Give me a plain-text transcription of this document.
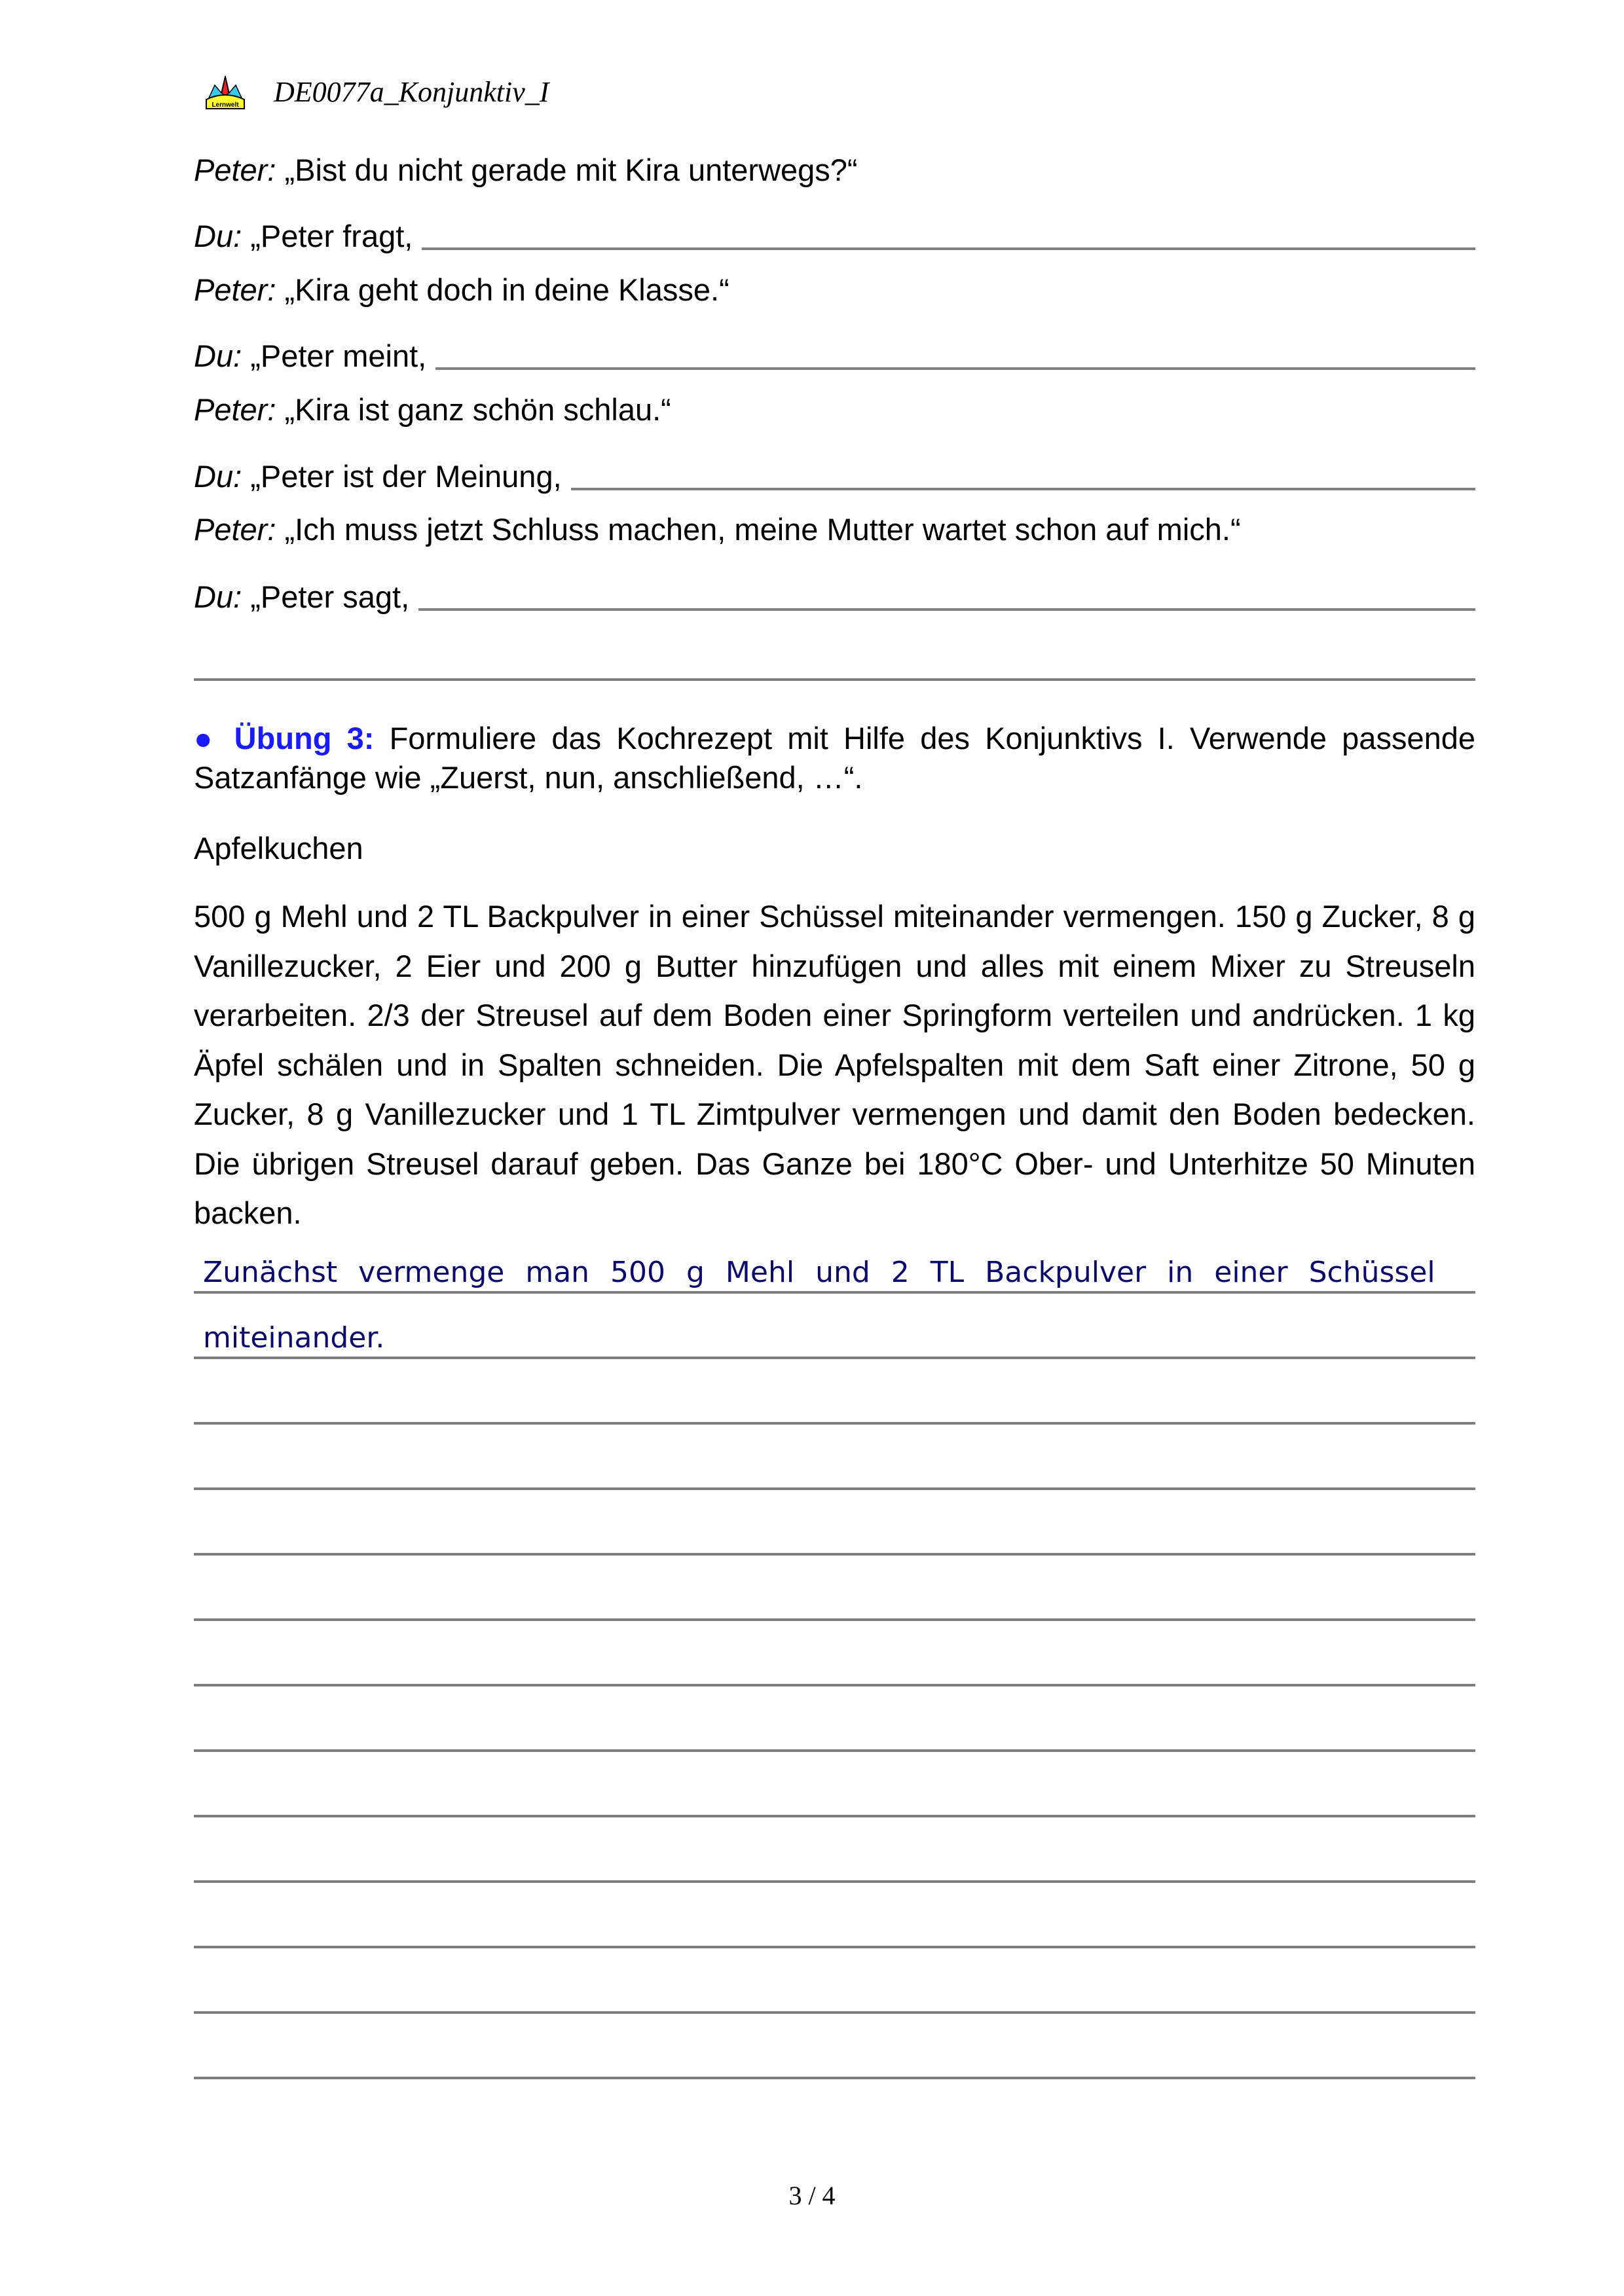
Lernwelt DE0077a_Konjunktiv_I
Peter: „Bist du nicht gerade mit Kira unterwegs?“
Du: „Peter fragt,
Peter: „Kira geht doch in deine Klasse.“
Du: „Peter meint,
Peter: „Kira ist ganz schön schlau.“
Du: „Peter ist der Meinung,
Peter: „Ich muss jetzt Schluss machen, meine Mutter wartet schon auf mich.“
Du: „Peter sagt,
● Übung 3: Formuliere das Kochrezept mit Hilfe des Konjunktivs I. Verwende passende Satzanfänge wie „Zuerst, nun, anschließend, …“.
Apfelkuchen
500 g Mehl und 2 TL Backpulver in einer Schüssel miteinander vermengen. 150 g Zucker, 8 g Vanillezucker, 2 Eier und 200 g Butter hinzufügen und alles mit einem Mixer zu Streuseln verarbeiten. 2/3 der Streusel auf dem Boden einer Springform verteilen und andrücken. 1 kg Äpfel schälen und in Spalten schneiden. Die Apfelspalten mit dem Saft einer Zitrone, 50 g Zucker, 8 g Vanillezucker und 1 TL Zimtpulver vermengen und damit den Boden bedecken. Die übrigen Streusel darauf geben. Das Ganze bei 180°C Ober- und Unterhitze 50 Minuten backen.
Zunächst vermenge man 500 g Mehl und 2 TL Backpulver in einer Schüssel
miteinander.
3 / 4
